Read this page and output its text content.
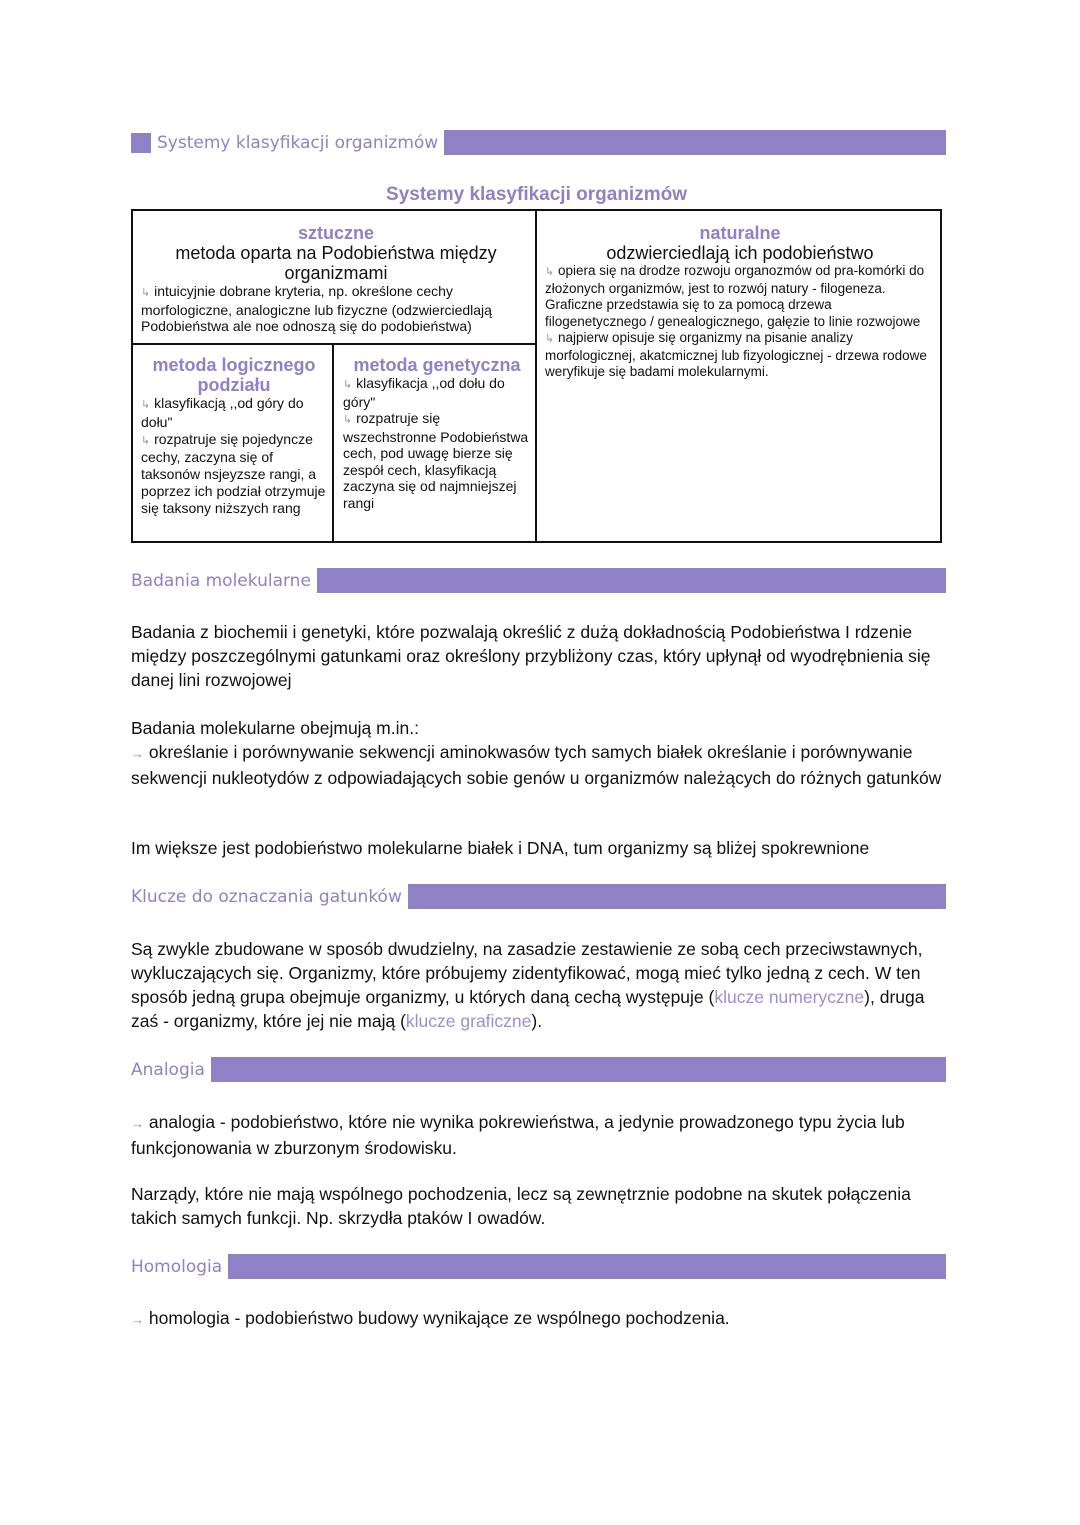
Systemy klasyfikacji organizmów
Systemy klasyfikacji organizmów
sztuczne
metoda oparta na Podobieństwa między organizmami
↳ intuicyjnie dobrane kryteria, np. określone cechy morfologiczne, analogiczne lub fizyczne (odzwierciedlają Podobieństwa ale noe odnoszą się do podobieństwa)
metoda logicznego podziału
↳ klasyfikacją ,,od góry do dołu"
↳ rozpatruje się pojedyncze cechy, zaczyna się of taksonów nsjeyzsze rangi, a poprzez ich podział otrzymuje się taksony niższych rang
metoda genetyczna
↳ klasyfikacja ,,od dołu do góry"
↳ rozpatruje się wszechstronne Podobieństwa cech, pod uwagę bierze się zespół cech, klasyfikacją zaczyna się od najmniejszej rangi
naturalne
odzwierciedlają ich podobieństwo
↳ opiera się na drodze rozwoju organozmów od pra-komórki do złożonych organizmów, jest to rozwój natury - filogeneza. Graficzne przedstawia się to za pomocą drzewa filogenetycznego / genealogicznego, gałęzie to linie rozwojowe
↳ najpierw opisuje się organizmy na pisanie analizy morfologicznej, akatcmicznej lub fizyologicznej - drzewa rodowe weryfikuje się badami molekularnymi.
Badania molekularne
Badania z biochemii i genetyki, które pozwalają określić z dużą dokładnością Podobieństwa I rdzenie między poszczególnymi gatunkami oraz określony przybliżony czas, który upłynął od wyodrębnienia się danej lini rozwojowej
Badania molekularne obejmują m.in.:
→ określanie i porównywanie sekwencji aminokwasów tych samych białek określanie i porównywanie sekwencji nukleotydów z odpowiadających sobie genów u organizmów należących do różnych gatunków
Im większe jest podobieństwo molekularne białek i DNA, tum organizmy są bliżej spokrewnione
Klucze do oznaczania gatunków
Są zwykle zbudowane w sposób dwudzielny, na zasadzie zestawienie ze sobą cech przeciwstawnych, wykluczających się. Organizmy, które próbujemy zidentyfikować, mogą mieć tylko jedną z cech. W ten sposób jedną grupa obejmuje organizmy, u których daną cechą występuje (klucze numeryczne), druga zaś - organizmy, które jej nie mają (klucze graficzne).
Analogia
→ analogia - podobieństwo, które nie wynika pokrewieństwa, a jedynie prowadzonego typu życia lub funkcjonowania w zburzonym środowisku.
Narządy, które nie mają wspólnego pochodzenia, lecz są zewnętrznie podobne na skutek połączenia takich samych funkcji. Np. skrzydła ptaków I owadów.
Homologia
→ homologia - podobieństwo budowy wynikające ze wspólnego pochodzenia.
